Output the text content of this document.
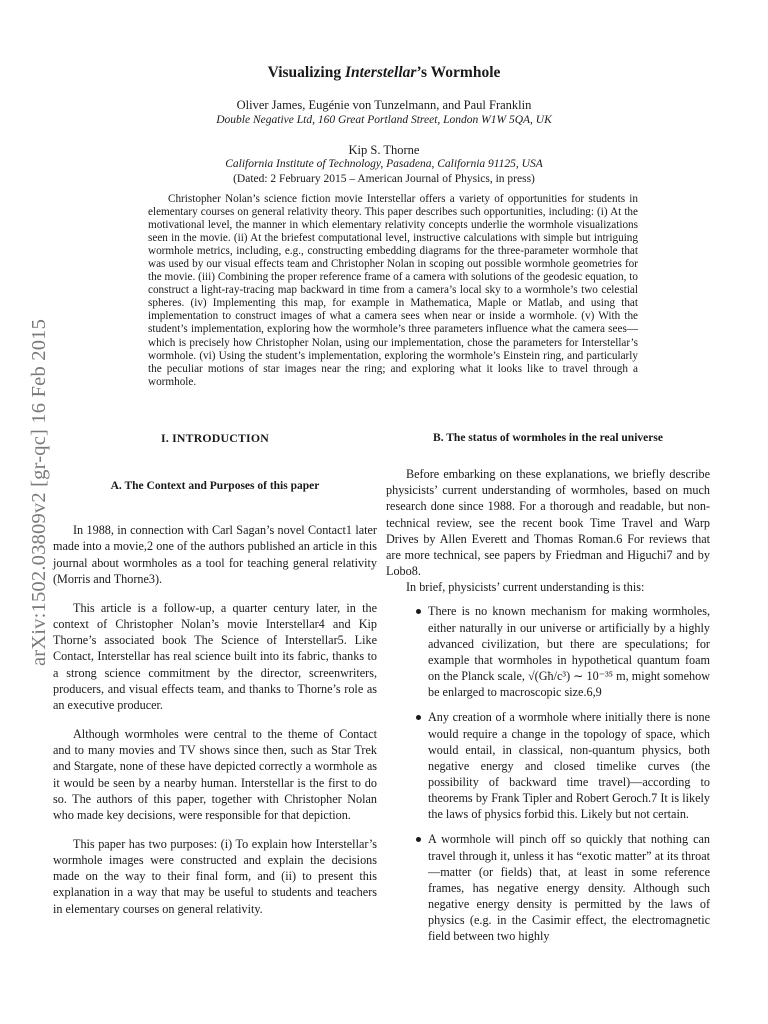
arXiv:1502.03809v2 [gr-qc] 16 Feb 2015
Visualizing Interstellar’s Wormhole
Oliver James, Eugénie von Tunzelmann, and Paul Franklin
Double Negative Ltd, 160 Great Portland Street, London W1W 5QA, UK
Kip S. Thorne
California Institute of Technology, Pasadena, California 91125, USA
(Dated: 2 February 2015 – American Journal of Physics, in press)
Christopher Nolan’s science fiction movie Interstellar offers a variety of opportunities for students in elementary courses on general relativity theory. This paper describes such opportunities, including: (i) At the motivational level, the manner in which elementary relativity concepts underlie the wormhole visualizations seen in the movie. (ii) At the briefest computational level, instructive calculations with simple but intriguing wormhole metrics, including, e.g., constructing embedding diagrams for the three-parameter wormhole that was used by our visual effects team and Christopher Nolan in scoping out possible wormhole geometries for the movie. (iii) Combining the proper reference frame of a camera with solutions of the geodesic equation, to construct a light-ray-tracing map backward in time from a camera’s local sky to a wormhole’s two celestial spheres. (iv) Implementing this map, for example in Mathematica, Maple or Matlab, and using that implementation to construct images of what a camera sees when near or inside a wormhole. (v) With the student’s implementation, exploring how the wormhole’s three parameters influence what the camera sees—which is precisely how Christopher Nolan, using our implementation, chose the parameters for Interstellar’s wormhole. (vi) Using the student’s implementation, exploring the wormhole’s Einstein ring, and particularly the peculiar motions of star images near the ring; and exploring what it looks like to travel through a wormhole.
I. INTRODUCTION
A. The Context and Purposes of this paper
In 1988, in connection with Carl Sagan’s novel Contact1 later made into a movie,2 one of the authors published an article in this journal about wormholes as a tool for teaching general relativity (Morris and Thorne3).
This article is a follow-up, a quarter century later, in the context of Christopher Nolan’s movie Interstellar4 and Kip Thorne’s associated book The Science of Interstellar5. Like Contact, Interstellar has real science built into its fabric, thanks to a strong science commitment by the director, screenwriters, producers, and visual effects team, and thanks to Thorne’s role as an executive producer.
Although wormholes were central to the theme of Contact and to many movies and TV shows since then, such as Star Trek and Stargate, none of these have depicted correctly a wormhole as it would be seen by a nearby human. Interstellar is the first to do so. The authors of this paper, together with Christopher Nolan who made key decisions, were responsible for that depiction.
This paper has two purposes: (i) To explain how Interstellar’s wormhole images were constructed and explain the decisions made on the way to their final form, and (ii) to present this explanation in a way that may be useful to students and teachers in elementary courses on general relativity.
B. The status of wormholes in the real universe
Before embarking on these explanations, we briefly describe physicists’ current understanding of wormholes, based on much research done since 1988. For a thorough and readable, but non-technical review, see the recent book Time Travel and Warp Drives by Allen Everett and Thomas Roman.6 For reviews that are more technical, see papers by Friedman and Higuchi7 and by Lobo8.
In brief, physicists’ current understanding is this:
There is no known mechanism for making wormholes, either naturally in our universe or artificially by a highly advanced civilization, but there are speculations; for example that wormholes in hypothetical quantum foam on the Planck scale, √(Għ/c³) ∼ 10⁻³⁵ m, might somehow be enlarged to macroscopic size.6,9
Any creation of a wormhole where initially there is none would require a change in the topology of space, which would entail, in classical, non-quantum physics, both negative energy and closed timelike curves (the possibility of backward time travel)—according to theorems by Frank Tipler and Robert Geroch.7 It is likely the laws of physics forbid this. Likely but not certain.
A wormhole will pinch off so quickly that nothing can travel through it, unless it has “exotic matter” at its throat—matter (or fields) that, at least in some reference frames, has negative energy density. Although such negative energy density is permitted by the laws of physics (e.g. in the Casimir effect, the electromagnetic field between two highly
